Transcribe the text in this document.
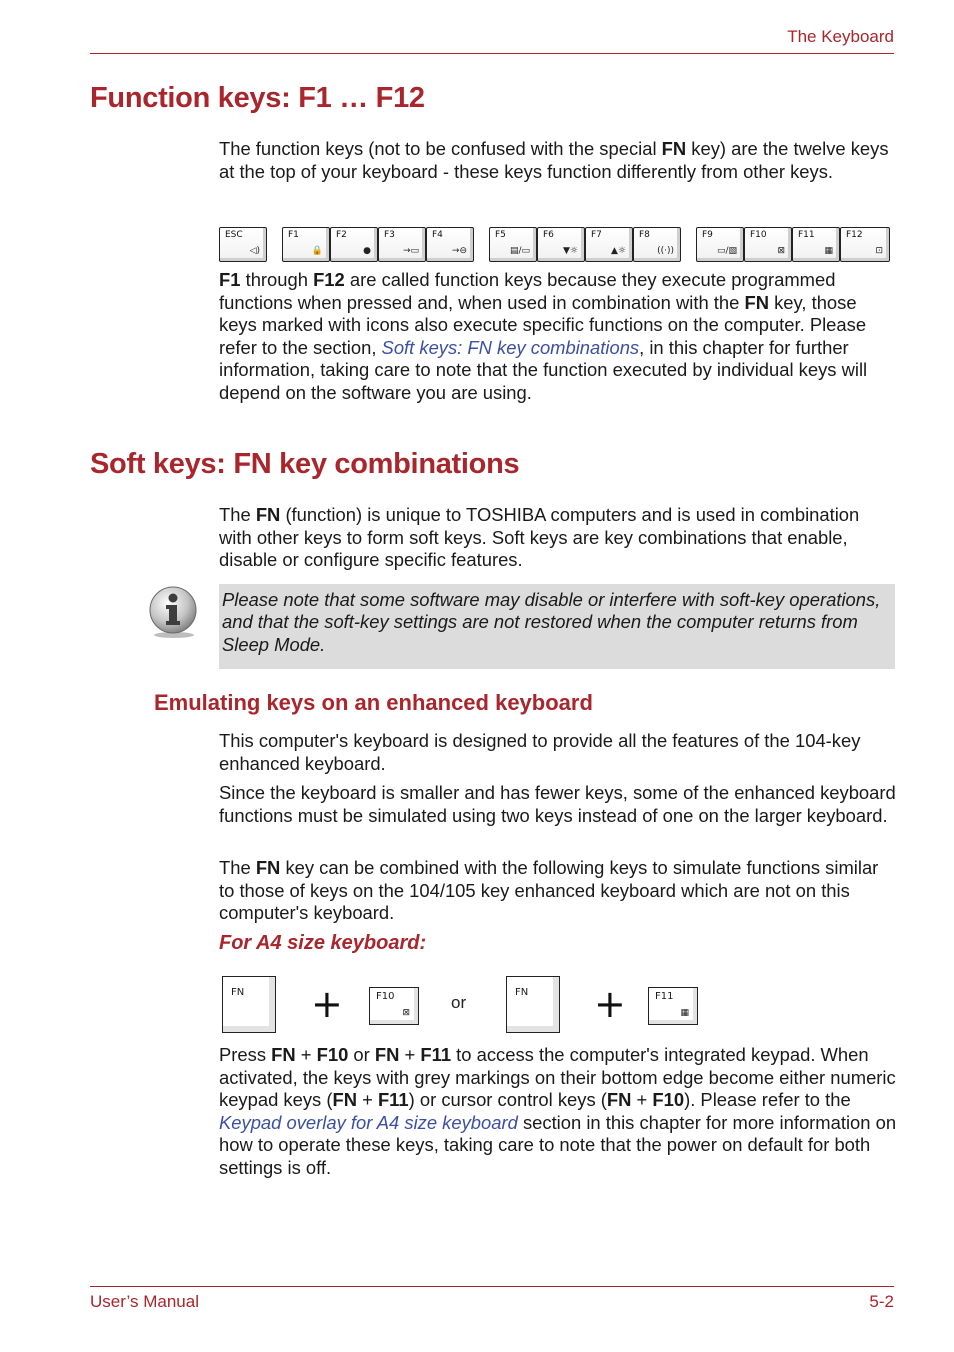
The Keyboard
Function keys: F1 … F12

The function keys (not to be confused with the special FN key) are the twelve keys at the top of your keyboard - these keys function differently from other keys.

ESC
◁)
F1
🔒
F2
●
F3
→▭
F4
→⊖
F5
▤/▭
F6
▼☼
F7
▲☼
F8
((·))
F9
▭/▧
F10
⊠
F11
▦
F12
⊡

F1 through F12 are called function keys because they execute programmed functions when pressed and, when used in combination with the FN key, those keys marked with icons also execute specific functions on the computer. Please refer to the section, Soft keys: FN key combinations, in this chapter for further information, taking care to note that the function executed by individual keys will depend on the software you are using.

Soft keys: FN key combinations

The FN (function) is unique to TOSHIBA computers and is used in combination with other keys to form soft keys. Soft keys are key combinations that enable, disable or configure specific features.

Please note that some software may disable or interfere with soft-key operations, and that the soft-key settings are not restored when the computer returns from Sleep Mode.
Emulating keys on an enhanced keyboard

This computer's keyboard is designed to provide all the features of the 104-key enhanced keyboard.

Since the keyboard is smaller and has fewer keys, some of the enhanced keyboard functions must be simulated using two keys instead of one on the larger keyboard.

The FN key can be combined with the following keys to simulate functions similar to those of keys on the 104/105 key enhanced keyboard which are not on this computer's keyboard.

For A4 size keyboard:
FN +	F10
⊠
or
FN +	F11
▦

Press FN + F10 or FN + F11 to access the computer's integrated keypad. When activated, the keys with grey markings on their bottom edge become either numeric keypad keys (FN + F11) or cursor control keys (FN + F10). Please refer to the Keypad overlay for A4 size keyboard section in this chapter for more information on how to operate these keys, taking care to note that the power on default for both settings is off.

User’s Manual	5-2
